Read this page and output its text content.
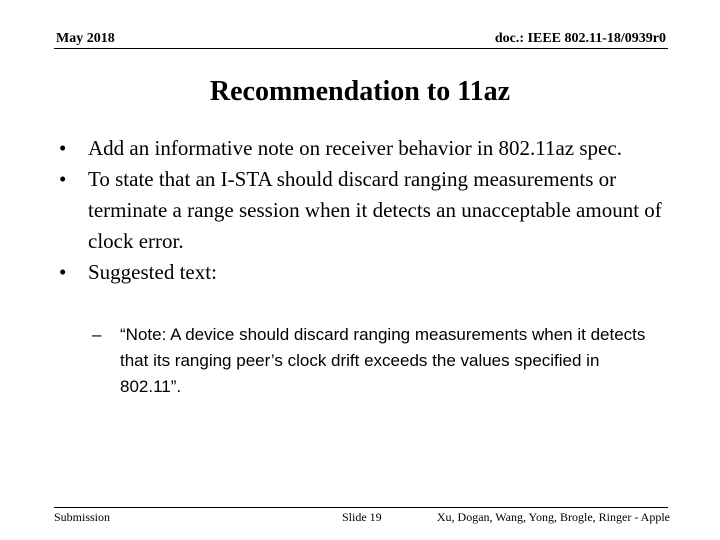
May 2018	doc.: IEEE 802.11-18/0939r0
Recommendation to 11az
• Add an informative note on receiver behavior in 802.11az spec.
• To state that an I-STA should discard ranging measurements or terminate a range session when it detects an unacceptable amount of clock error.
• Suggested text:
– “Note: A device should discard ranging measurements when it detects that its ranging peer’s clock drift exceeds the values specified in 802.11”.
Submission	Slide 19	Xu, Dogan, Wang, Yong, Brogle, Ringer - Apple
